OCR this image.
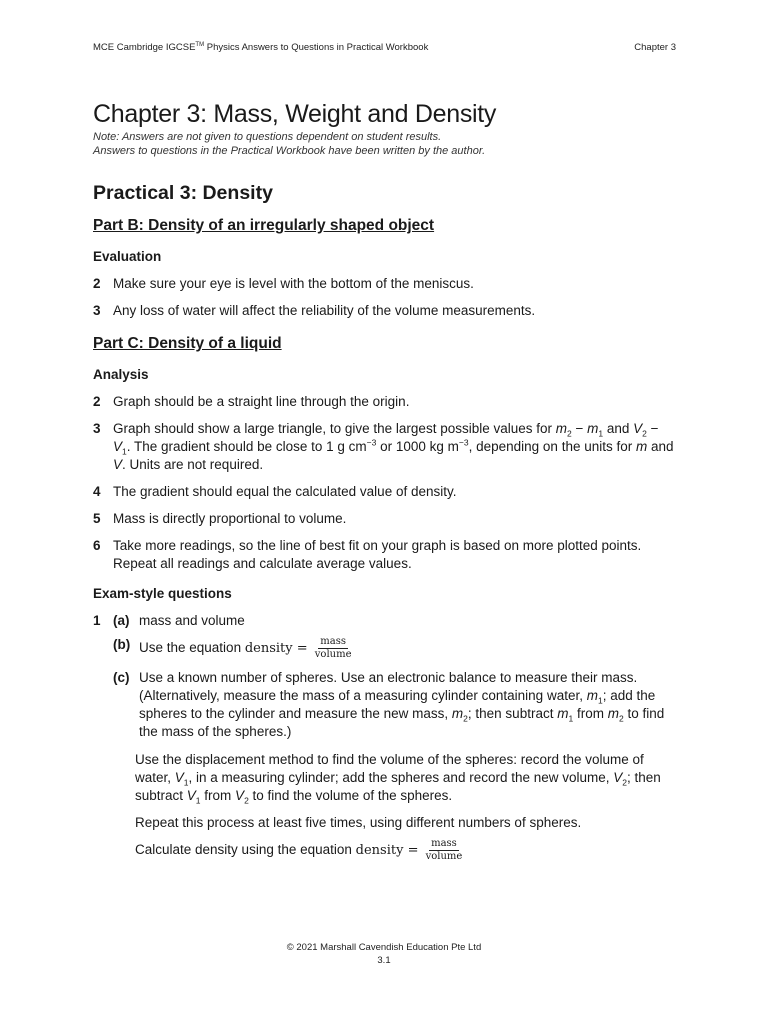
MCE Cambridge IGCSE™ Physics Answers to Questions in Practical Workbook	Chapter 3
Chapter 3: Mass, Weight and Density
Note: Answers are not given to questions dependent on student results.
Answers to questions in the Practical Workbook have been written by the author.
Practical 3: Density
Part B: Density of an irregularly shaped object
Evaluation
2 Make sure your eye is level with the bottom of the meniscus.
3 Any loss of water will affect the reliability of the volume measurements.
Part C: Density of a liquid
Analysis
2 Graph should be a straight line through the origin.
3 Graph should show a large triangle, to give the largest possible values for $m_2 - m_1$ and $V_2 - V_1$. The gradient should be close to 1 g $cm^{-3}$ or 1000 kg $m^{-3}$, depending on the units for m and V. Units are not required.
4 The gradient should equal the calculated value of density.
5 Mass is directly proportional to volume.
6 Take more readings, so the line of best fit on your graph is based on more plotted points. Repeat all readings and calculate average values.
Exam-style questions
1 (a) mass and volume
(b) Use the equation density = $\frac{\text{mass}}{\text{volume}}$
(c) Use a known number of spheres. Use an electronic balance to measure their mass. (Alternatively, measure the mass of a measuring cylinder containing water, $m_1$; add the spheres to the cylinder and measure the new mass, $m_2$; then subtract $m_1$ from $m_2$ to find the mass of the spheres.)
Use the displacement method to find the volume of the spheres: record the volume of water, $V_1$, in a measuring cylinder; add the spheres and record the new volume, $V_2$; then subtract $V_1$ from $V_2$ to find the volume of the spheres.
Repeat this process at least five times, using different numbers of spheres.
Calculate density using the equation density = $\frac{\text{mass}}{\text{volume}}$
© 2021 Marshall Cavendish Education Pte Ltd
3.1
